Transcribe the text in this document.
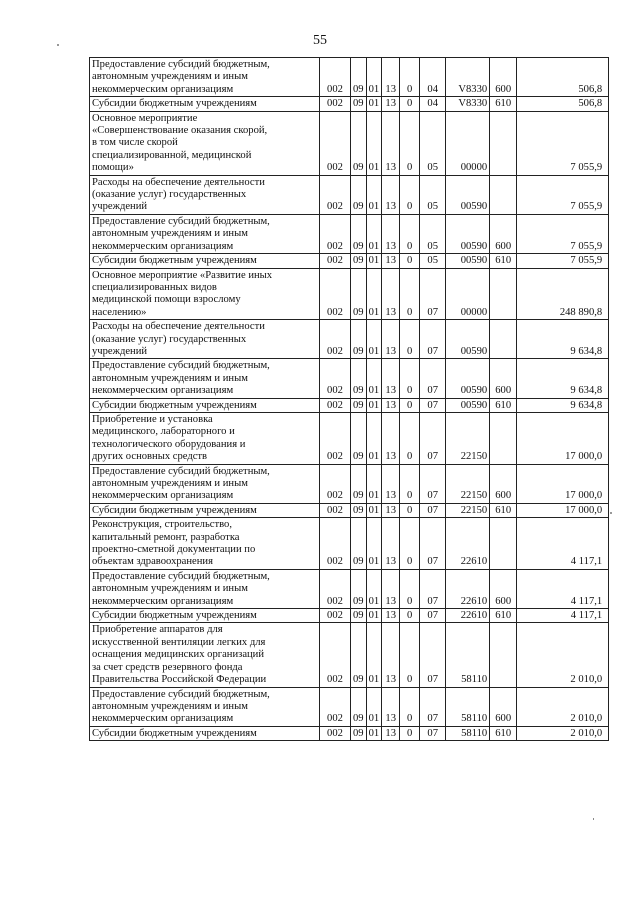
55
Предоставление субсидий бюджетным,
автономным учреждениям и иным
некоммерческим организациям	002	09	01	13	0	04	V8330	600	506,8

Субсидии бюджетным учреждениям	002	09	01	13	0	04	V8330	610	506,8

Основное мероприятие
«Совершенствование оказания скорой,
в том числе скорой
специализированной, медицинской
помощи»	002	09	01	13	0	05	00000		7 055,9

Расходы на обеспечение деятельности
(оказание услуг) государственных
учреждений	002	09	01	13	0	05	00590		7 055,9

Предоставление субсидий бюджетным,
автономным учреждениям и иным
некоммерческим организациям	002	09	01	13	0	05	00590	600	7 055,9

Субсидии бюджетным учреждениям	002	09	01	13	0	05	00590	610	7 055,9

Основное мероприятие «Развитие иных
специализированных видов
медицинской помощи взрослому
населению»	002	09	01	13	0	07	00000		248 890,8

Расходы на обеспечение деятельности
(оказание услуг) государственных
учреждений	002	09	01	13	0	07	00590		9 634,8

Предоставление субсидий бюджетным,
автономным учреждениям и иным
некоммерческим организациям	002	09	01	13	0	07	00590	600	9 634,8

Субсидии бюджетным учреждениям	002	09	01	13	0	07	00590	610	9 634,8

Приобретение и установка
медицинского, лабораторного и
технологического оборудования и
других основных средств	002	09	01	13	0	07	22150		17 000,0

Предоставление субсидий бюджетным,
автономным учреждениям и иным
некоммерческим организациям	002	09	01	13	0	07	22150	600	17 000,0

Субсидии бюджетным учреждениям	002	09	01	13	0	07	22150	610	17 000,0

Реконструкция, строительство,
капитальный ремонт, разработка
проектно-сметной документации по
объектам здравоохранения	002	09	01	13	0	07	22610		4 117,1

Предоставление субсидий бюджетным,
автономным учреждениям и иным
некоммерческим организациям	002	09	01	13	0	07	22610	600	4 117,1

Субсидии бюджетным учреждениям	002	09	01	13	0	07	22610	610	4 117,1

Приобретение аппаратов для
искусственной вентиляции легких для
оснащения медицинских организаций
за счет средств резервного фонда
Правительства Российской Федерации	002	09	01	13	0	07	58110		2 010,0

Предоставление субсидий бюджетным,
автономным учреждениям и иным
некоммерческим организациям	002	09	01	13	0	07	58110	600	2 010,0

Субсидии бюджетным учреждениям	002	09	01	13	0	07	58110	610	2 010,0
